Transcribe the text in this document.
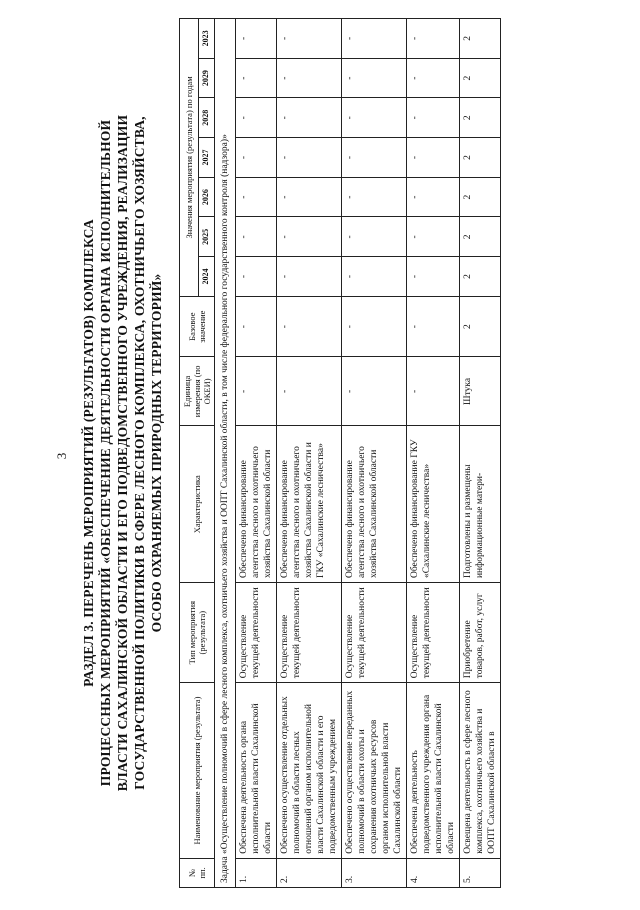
3 РАЗДЕЛ 3. ПЕРЕЧЕНЬ МЕРОПРИЯТИЙ (РЕЗУЛЬТАТОВ) КОМПЛЕКСА ПРОЦЕССНЫХ МЕРОПРИЯТИЙ «ОБЕСПЕЧЕНИЕ ДЕЯТЕЛЬНОСТИ ОРГАНА ИСПОЛНИТЕЛЬНОЙ ВЛАСТИ САХАЛИНСКОЙ ОБЛАСТИ И ЕГО ПОДВЕДОМСТВЕННОГО УЧРЕЖДЕНИЯ, РЕАЛИЗАЦИИ ГОСУДАРСТВЕННОЙ ПОЛИТИКИ В СФЕРЕ ЛЕСНОГО КОМПЛЕКСА, ОХОТНИЧЬЕГО ХОЗЯЙСТВА, ОСОБО ОХРАНЯЕМЫХ ПРИРОДНЫХ ТЕРРИТОРИЙ»
№ пп.	Наименование мероприятия (результата)	Тип мероприятия (результата)	Характеристика	Единица измерения (по ОКЕИ)	Базовое значение	Значения мероприятия (результата) по годам						
						2024	2025	2026	2027	2028	2029	2023
Задача «Осуществление полномочий в сфере лесного комплекса, охотничьего хозяйства и ООПТ Сахалинской области, в том числе федерального государственного контроля (надзора)»												
1.	Обеспечена деятельность органа исполнительной власти Сахалинской области	Осуществление текущей деятельности	Обеспечено финансирование агентства лесного и охотничьего хозяйства Сахалинской области	-	-	-	-	-	-	-	-	-
2.	Обеспечено осуществление отдельных полномочий в области лесных отношений органом исполнительной власти Сахалинской области и его подведомственным учреждением	Осуществление текущей деятельности	Обеспечено финансирование агентства лесного и охотничьего хозяйства Сахалинской области и ГКУ «Сахалинские лесничества»	-	-	-	-	-	-	-	-	-
3.	Обеспечено осуществление переданных полномочий в области охоты и сохранения охотничьих ресурсов органом исполнительной власти Сахалинской области	Осуществление текущей деятельности	Обеспечено финансирование агентства лесного и охотничьего хозяйства Сахалинской области	-	-	-	-	-	-	-	-	-
4.	Обеспечена деятельность подведомственного учреждения органа исполнительной власти Сахалинской области	Осуществление текущей деятельности	Обеспечено финансирование ГКУ «Сахалинские лесничества»	-	-	-	-	-	-	-	-	-
5.	Освещена деятельность в сфере лесного комплекса, охотничьего хозяйства и ООПТ Сахалинской области в	Приобретение товаров, работ, услуг	Подготовлены и размещены информационные матери-	Штука	2	2	2	2	2	2	2	2
